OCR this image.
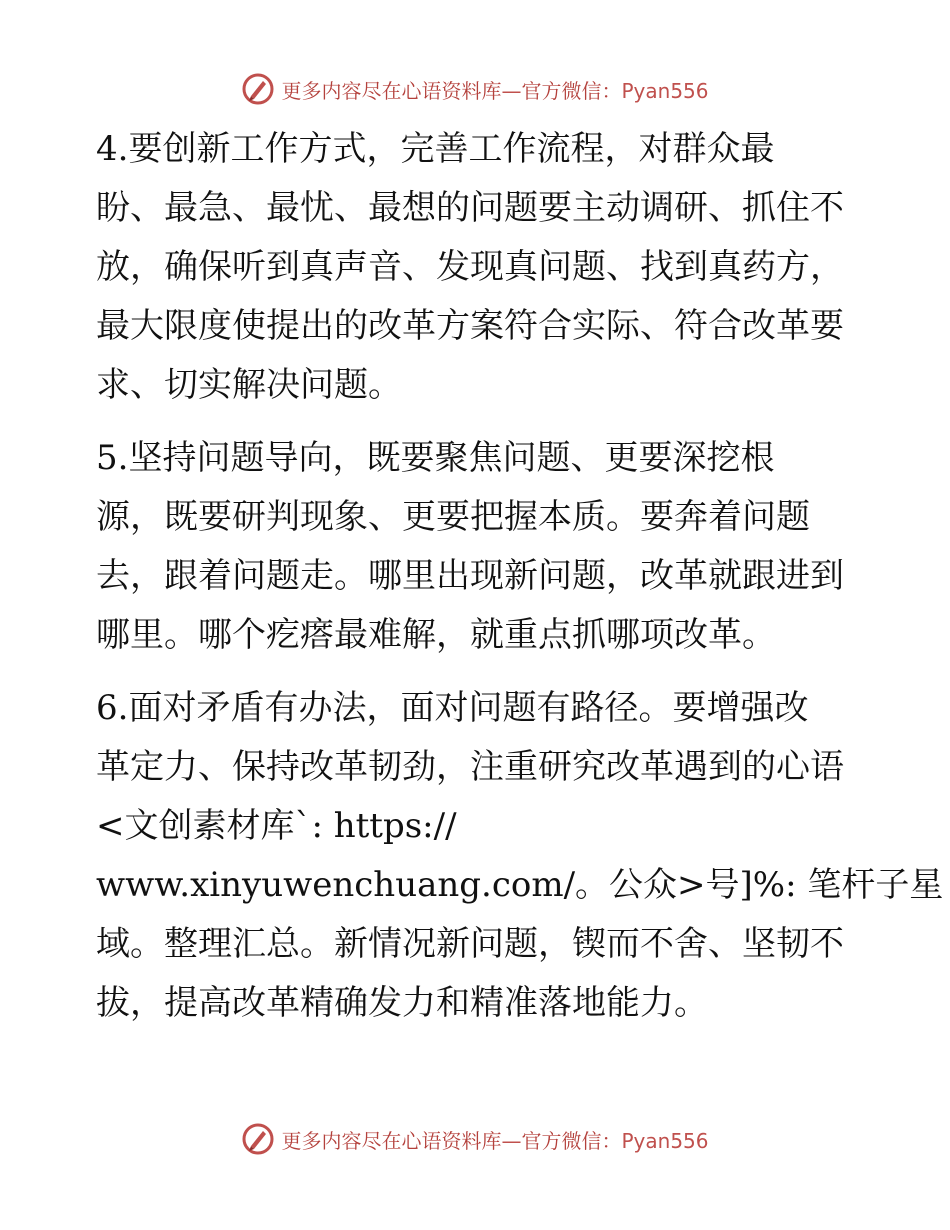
更多内容尽在心语资料库—官方微信：Pyan556

4.要创新工作方式，完善工作流程，对群众最
盼、最急、最忧、最想的问题要主动调研、抓住不
放，确保听到真声音、发现真问题、找到真药方，
最大限度使提出的改革方案符合实际、符合改革要
求、切实解决问题。

5.坚持问题导向，既要聚焦问题、更要深挖根
源，既要研判现象、更要把握本质。要奔着问题
去，跟着问题走。哪里出现新问题，改革就跟进到
哪里。哪个疙瘩最难解，就重点抓哪项改革。

6.面对矛盾有办法，面对问题有路径。要增强改
革定力、保持改革韧劲，注重研究改革遇到的心语
<文创素材库`: https://
www.xinyuwenchuang.com/。公众>号]%: 笔杆子星
域。整理汇总。新情况新问题，锲而不舍、坚韧不
拔，提高改革精确发力和精准落地能力。

更多内容尽在心语资料库—官方微信：Pyan556
